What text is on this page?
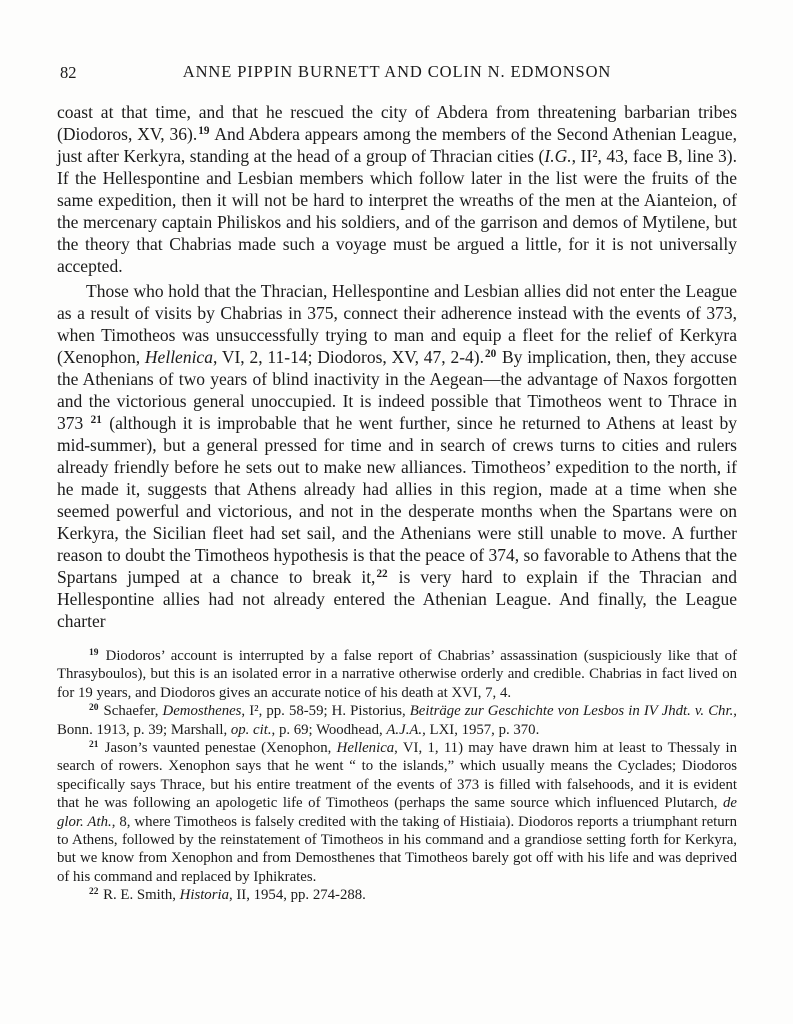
82	ANNE PIPPIN BURNETT AND COLIN N. EDMONSON

coast at that time, and that he rescued the city of Abdera from threatening barbarian tribes (Diodoros, XV, 36).$^{19}$ And Abdera appears among the members of the Second Athenian League, just after Kerkyra, standing at the head of a group of Thracian cities (I.G., II², 43, face B, line 3). If the Hellespontine and Lesbian members which follow later in the list were the fruits of the same expedition, then it will not be hard to interpret the wreaths of the men at the Aianteion, of the mercenary captain Philiskos and his soldiers, and of the garrison and demos of Mytilene, but the theory that Chabrias made such a voyage must be argued a little, for it is not universally accepted.

Those who hold that the Thracian, Hellespontine and Lesbian allies did not enter the League as a result of visits by Chabrias in 375, connect their adherence instead with the events of 373, when Timotheos was unsuccessfully trying to man and equip a fleet for the relief of Kerkyra (Xenophon, Hellenica, VI, 2, 11-14; Diodoros, XV, 47, 2-4).$^{20}$ By implication, then, they accuse the Athenians of two years of blind inactivity in the Aegean—the advantage of Naxos forgotten and the victorious general unoccupied. It is indeed possible that Timotheos went to Thrace in 373 $^{21}$ (although it is improbable that he went further, since he returned to Athens at least by mid-summer), but a general pressed for time and in search of crews turns to cities and rulers already friendly before he sets out to make new alliances. Timotheos’ expedition to the north, if he made it, suggests that Athens already had allies in this region, made at a time when she seemed powerful and victorious, and not in the desperate months when the Spartans were on Kerkyra, the Sicilian fleet had set sail, and the Athenians were still unable to move. A further reason to doubt the Timotheos hypothesis is that the peace of 374, so favorable to Athens that the Spartans jumped at a chance to break it,$^{22}$ is very hard to explain if the Thracian and Hellespontine allies had not already entered the Athenian League. And finally, the League charter

$^{19}$ Diodoros’ account is interrupted by a false report of Chabrias’ assassination (suspiciously like that of Thrasyboulos), but this is an isolated error in a narrative otherwise orderly and credible. Chabrias in fact lived on for 19 years, and Diodoros gives an accurate notice of his death at XVI, 7, 4.

$^{20}$ Schaefer, Demosthenes, I², pp. 58-59; H. Pistorius, Beiträge zur Geschichte von Lesbos in IV Jhdt. v. Chr., Bonn. 1913, p. 39; Marshall, op. cit., p. 69; Woodhead, A.J.A., LXI, 1957, p. 370.

$^{21}$ Jason’s vaunted penestae (Xenophon, Hellenica, VI, 1, 11) may have drawn him at least to Thessaly in search of rowers. Xenophon says that he went “ to the islands,” which usually means the Cyclades; Diodoros specifically says Thrace, but his entire treatment of the events of 373 is filled with falsehoods, and it is evident that he was following an apologetic life of Timotheos (perhaps the same source which influenced Plutarch, de glor. Ath., 8, where Timotheos is falsely credited with the taking of Histiaia). Diodoros reports a triumphant return to Athens, followed by the reinstatement of Timotheos in his command and a grandiose setting forth for Kerkyra, but we know from Xenophon and from Demosthenes that Timotheos barely got off with his life and was deprived of his command and replaced by Iphikrates.

$^{22}$ R. E. Smith, Historia, II, 1954, pp. 274-288.
